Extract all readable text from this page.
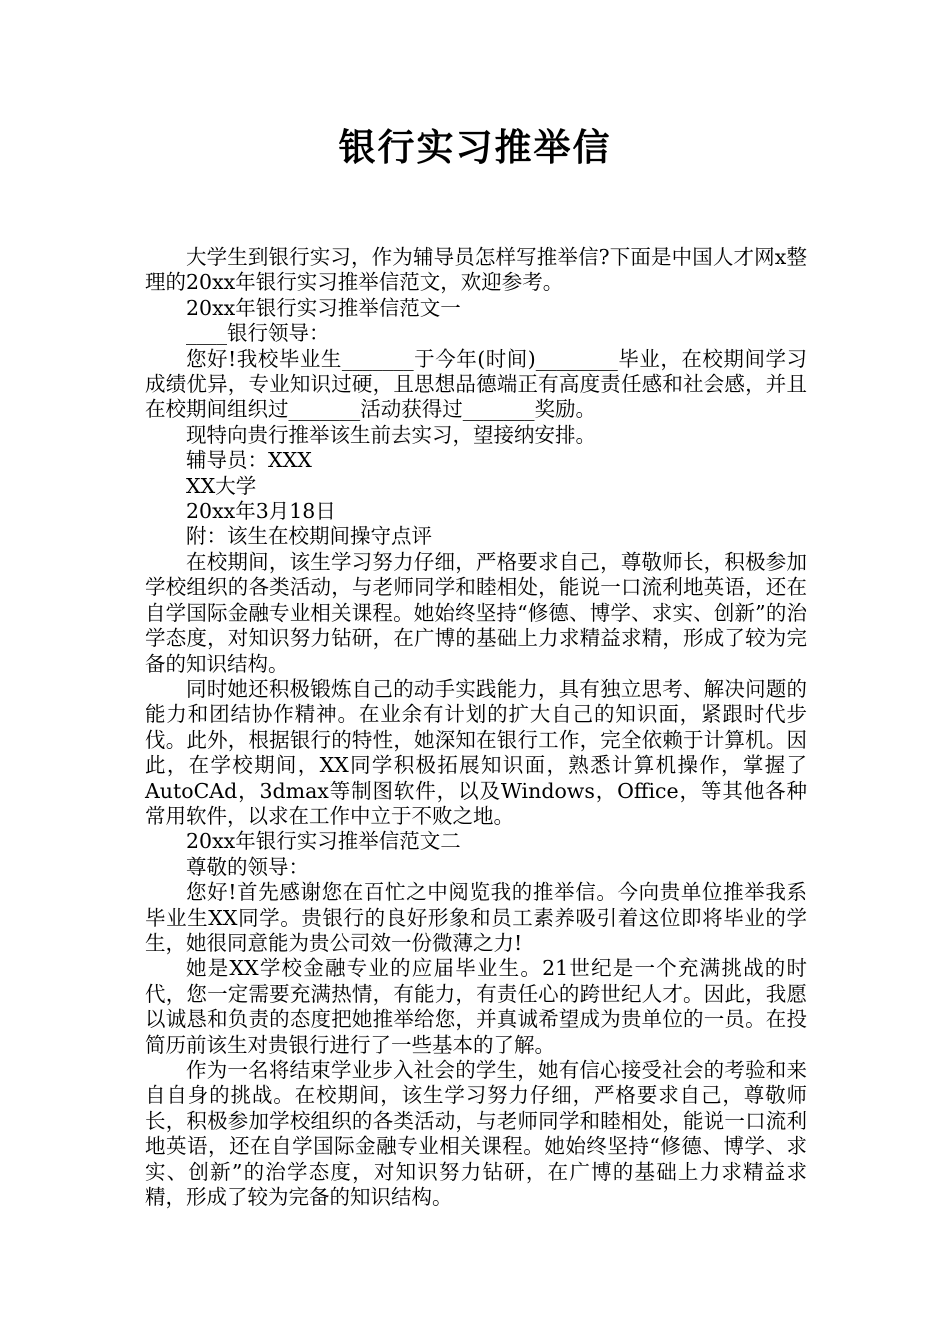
银行实习推举信

大学生到银行实习，作为辅导员怎样写推举信?下面是中国人才网x整理的20xx年银行实习推举信范文，欢迎参考。

20xx年银行实习推举信范文一

____银行领导：

您好!我校毕业生_______于今年(时间)________毕业，在校期间学习成绩优异，专业知识过硬，且思想品德端正有高度责任感和社会感，并且在校期间组织过_______活动获得过_______奖励。

现特向贵行推举该生前去实习，望接纳安排。

辅导员：XXX

XX大学

20xx年3月18日

附：该生在校期间操守点评

在校期间，该生学习努力仔细，严格要求自己，尊敬师长，积极参加学校组织的各类活动，与老师同学和睦相处，能说一口流利地英语，还在自学国际金融专业相关课程。她始终坚持“修德、博学、求实、创新”的治学态度，对知识努力钻研，在广博的基础上力求精益求精，形成了较为完备的知识结构。

同时她还积极锻炼自己的动手实践能力，具有独立思考、解决问题的能力和团结协作精神。在业余有计划的扩大自己的知识面，紧跟时代步伐。此外，根据银行的特性，她深知在银行工作，完全依赖于计算机。因此，在学校期间，XX同学积极拓展知识面，熟悉计算机操作，掌握了AutoCAd，3dmax等制图软件，以及Windows，Office，等其他各种常用软件，以求在工作中立于不败之地。

20xx年银行实习推举信范文二

尊敬的领导：

您好!首先感谢您在百忙之中阅览我的推举信。今向贵单位推举我系毕业生XX同学。贵银行的良好形象和员工素养吸引着这位即将毕业的学生，她很同意能为贵公司效一份微薄之力!

她是XX学校金融专业的应届毕业生。21世纪是一个充满挑战的时代，您一定需要充满热情，有能力，有责任心的跨世纪人才。因此，我愿以诚恳和负责的态度把她推举给您，并真诚希望成为贵单位的一员。在投简历前该生对贵银行进行了一些基本的了解。

作为一名将结束学业步入社会的学生，她有信心接受社会的考验和来自自身的挑战。在校期间，该生学习努力仔细，严格要求自己，尊敬师长，积极参加学校组织的各类活动，与老师同学和睦相处，能说一口流利地英语，还在自学国际金融专业相关课程。她始终坚持“修德、博学、求实、创新”的治学态度，对知识努力钻研，在广博的基础上力求精益求精，形成了较为完备的知识结构。
